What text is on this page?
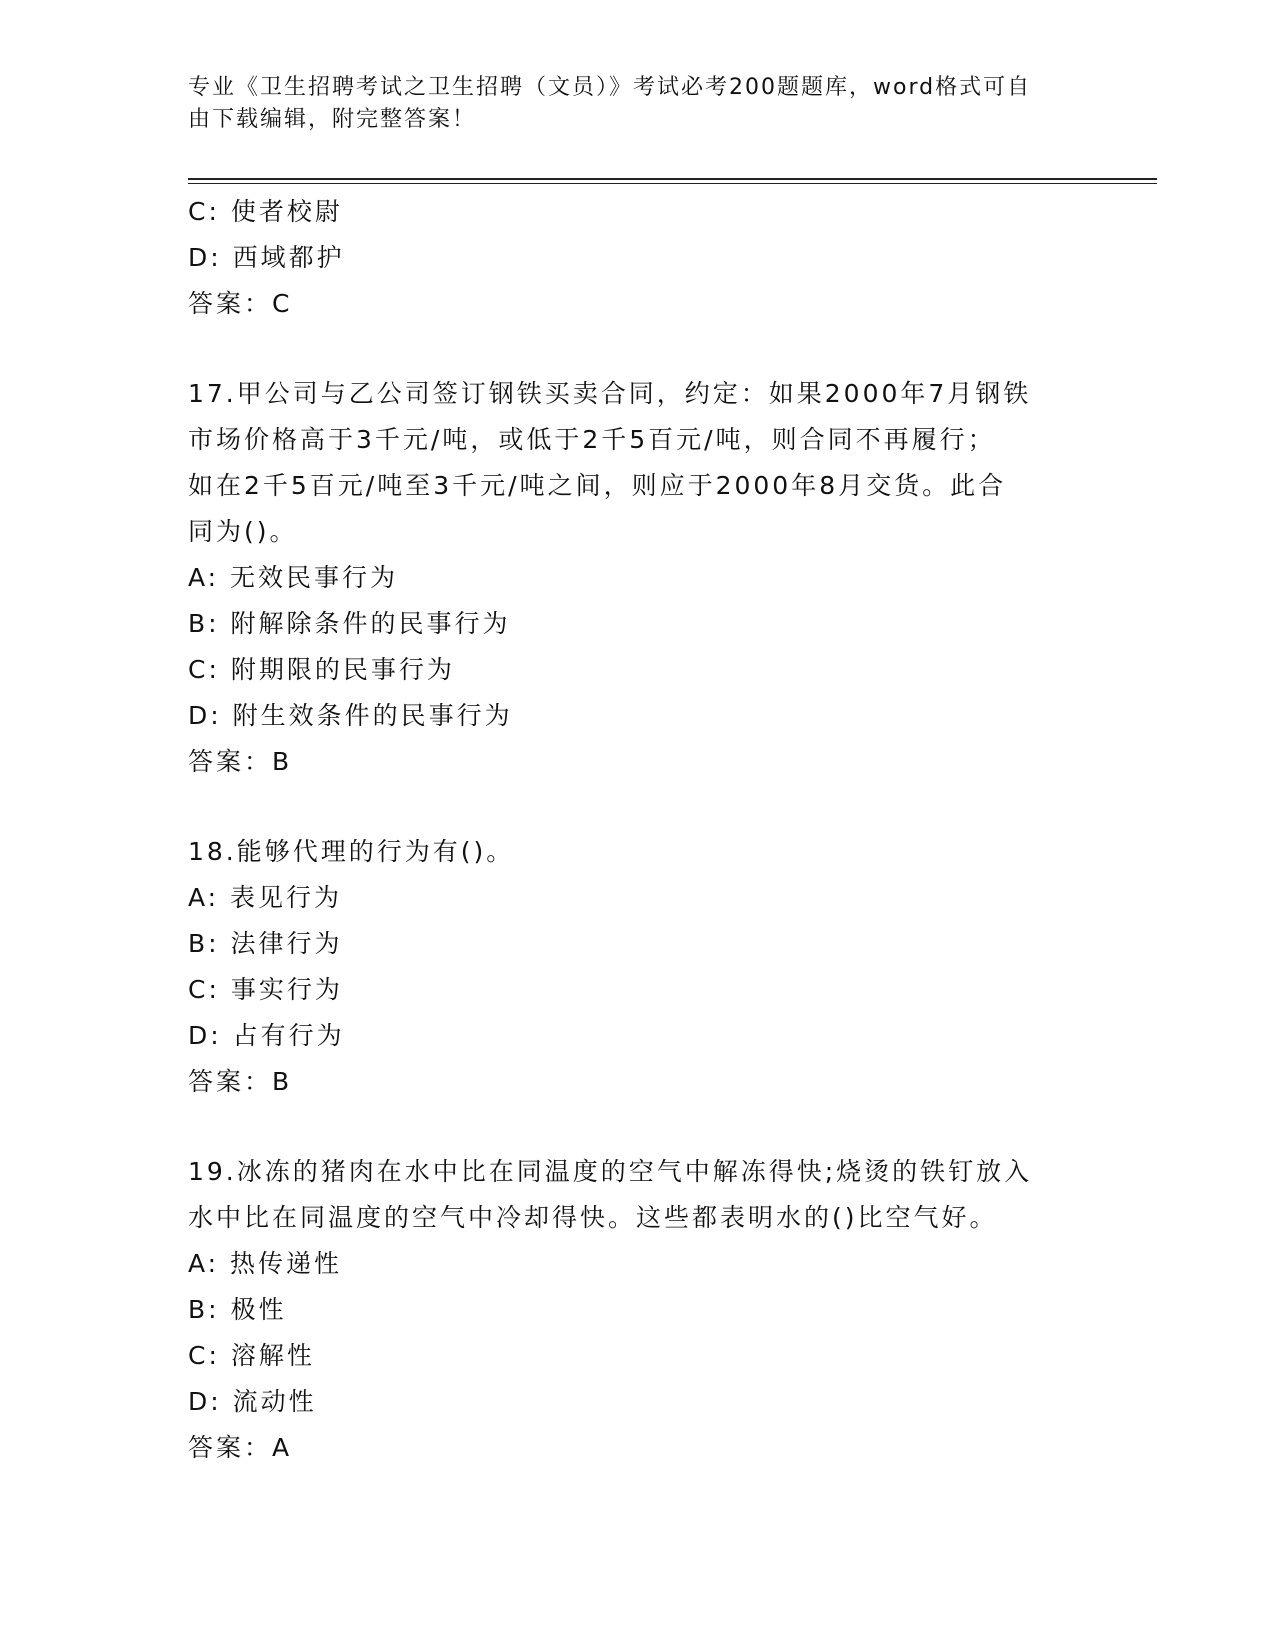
专业《卫生招聘考试之卫生招聘（文员）》考试必考200题题库，word格式可自
由下载编辑，附完整答案！
C: 使者校尉
D: 西域都护
答案：C
17.甲公司与乙公司签订钢铁买卖合同，约定：如果2000年7月钢铁
市场价格高于3千元/吨，或低于2千5百元/吨，则合同不再履行；
如在2千5百元/吨至3千元/吨之间，则应于2000年8月交货。此合
同为()。
A: 无效民事行为
B: 附解除条件的民事行为
C: 附期限的民事行为
D: 附生效条件的民事行为
答案：B
18.能够代理的行为有()。
A: 表见行为
B: 法律行为
C: 事实行为
D: 占有行为
答案：B
19.冰冻的猪肉在水中比在同温度的空气中解冻得快;烧烫的铁钉放入
水中比在同温度的空气中冷却得快。这些都表明水的()比空气好。
A: 热传递性
B: 极性
C: 溶解性
D: 流动性
答案：A
